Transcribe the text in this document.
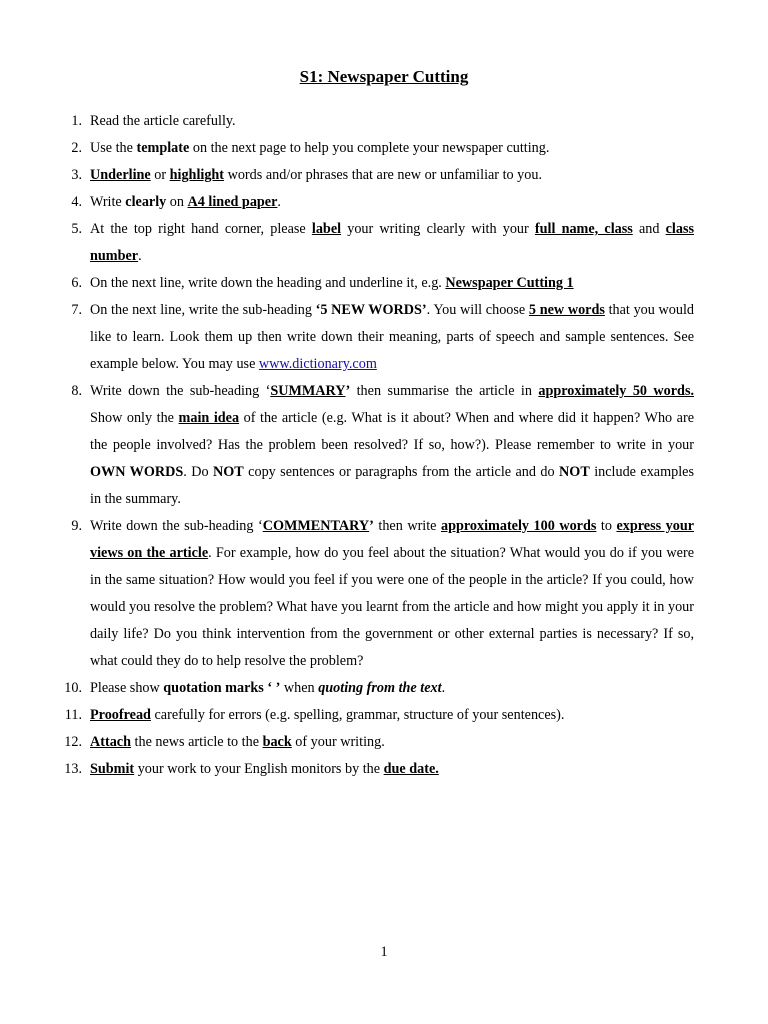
S1: Newspaper Cutting
1. Read the article carefully.
2. Use the template on the next page to help you complete your newspaper cutting.
3. Underline or highlight words and/or phrases that are new or unfamiliar to you.
4. Write clearly on A4 lined paper.
5. At the top right hand corner, please label your writing clearly with your full name, class and class number.
6. On the next line, write down the heading and underline it, e.g. Newspaper Cutting 1
7. On the next line, write the sub-heading ‘5 NEW WORDS’. You will choose 5 new words that you would like to learn. Look them up then write down their meaning, parts of speech and sample sentences. See example below. You may use www.dictionary.com
8. Write down the sub-heading ‘SUMMARY’ then summarise the article in approximately 50 words. Show only the main idea of the article (e.g. What is it about? When and where did it happen? Who are the people involved? Has the problem been resolved? If so, how?). Please remember to write in your OWN WORDS. Do NOT copy sentences or paragraphs from the article and do NOT include examples in the summary.
9. Write down the sub-heading ‘COMMENTARY’ then write approximately 100 words to express your views on the article. For example, how do you feel about the situation? What would you do if you were in the same situation? How would you feel if you were one of the people in the article? If you could, how would you resolve the problem? What have you learnt from the article and how might you apply it in your daily life? Do you think intervention from the government or other external parties is necessary? If so, what could they do to help resolve the problem?
10. Please show quotation marks ‘ ’ when quoting from the text.
11. Proofread carefully for errors (e.g. spelling, grammar, structure of your sentences).
12. Attach the news article to the back of your writing.
13. Submit your work to your English monitors by the due date.
1
